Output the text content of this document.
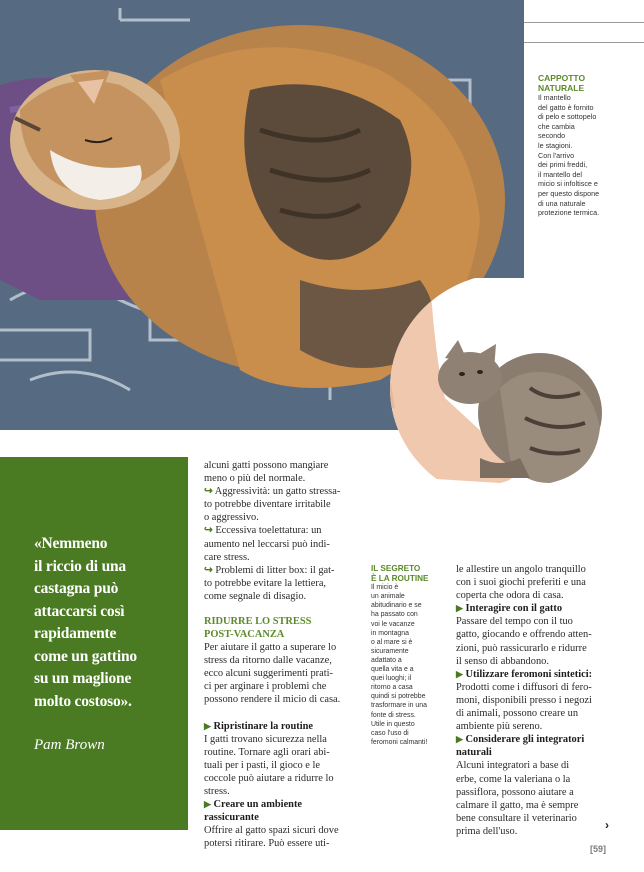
CAPPOTTO
NATURALE
Il mantello
del gatto è fornito
di pelo e sottopelo
che cambia
secondo
le stagioni.
Con l'arrivo
dei primi freddi,
il mantello del
micio si infoltisce e
per questo dispone
di una naturale
protezione termica.
«Nemmeno
il riccio di una
castagna può
attaccarsi così
rapidamente
come un gattino
su un maglione
molto costoso».
Pam Brown

alcuni gatti possono mangiare

meno o più del normale.

↪ Aggressività: un gatto stressa-

to potrebbe diventare irritabile

o aggressivo.

↪ Eccessiva toelettatura: un

aumento nel leccarsi può indi-

care stress.

↪ Problemi di litter box: il gat-

to potrebbe evitare la lettiera,

come segnale di disagio.

RIDURRE LO STRESS
POST-VACANZA

Per aiutare il gatto a superare lo

stress da ritorno dalle vacanze,

ecco alcuni suggerimenti prati-

ci per arginare i problemi che

possono rendere il micio di casa.

▶ Ripristinare la routine

I gatti trovano sicurezza nella

routine. Tornare agli orari abi-

tuali per i pasti, il gioco e le

coccole può aiutare a ridurre lo

stress.

▶ Creare un ambiente rassicurante

Offrire al gatto spazi sicuri dove

potersi ritirare. Può essere uti-

IL SEGRETO
È LA ROUTINE
Il micio è
un animale
abitudinario e se
ha passato con
voi le vacanze
in montagna
o al mare si è
sicuramente
adattato a
quella vita e a
quei luoghi; il
ritorno a casa
quindi si potrebbe
trasformare in una
fonte di stress.
Utile in questo
caso l'uso di
feromoni calmanti!

le allestire un angolo tranquillo

con i suoi giochi preferiti e una

coperta che odora di casa.

▶ Interagire con il gatto

Passare del tempo con il tuo

gatto, giocando e offrendo atten-

zioni, può rassicurarlo e ridurre

il senso di abbandono.

▶ Utilizzare feromoni sintetici:

Prodotti come i diffusori di fero-

moni, disponibili presso i negozi

di animali, possono creare un

ambiente più sereno.

▶ Considerare gli integratori

naturali

Alcuni integratori a base di

erbe, come la valeriana o la

passiflora, possono aiutare a

calmare il gatto, ma è sempre

bene consultare il veterinario

prima dell'uso.	›
[59]
